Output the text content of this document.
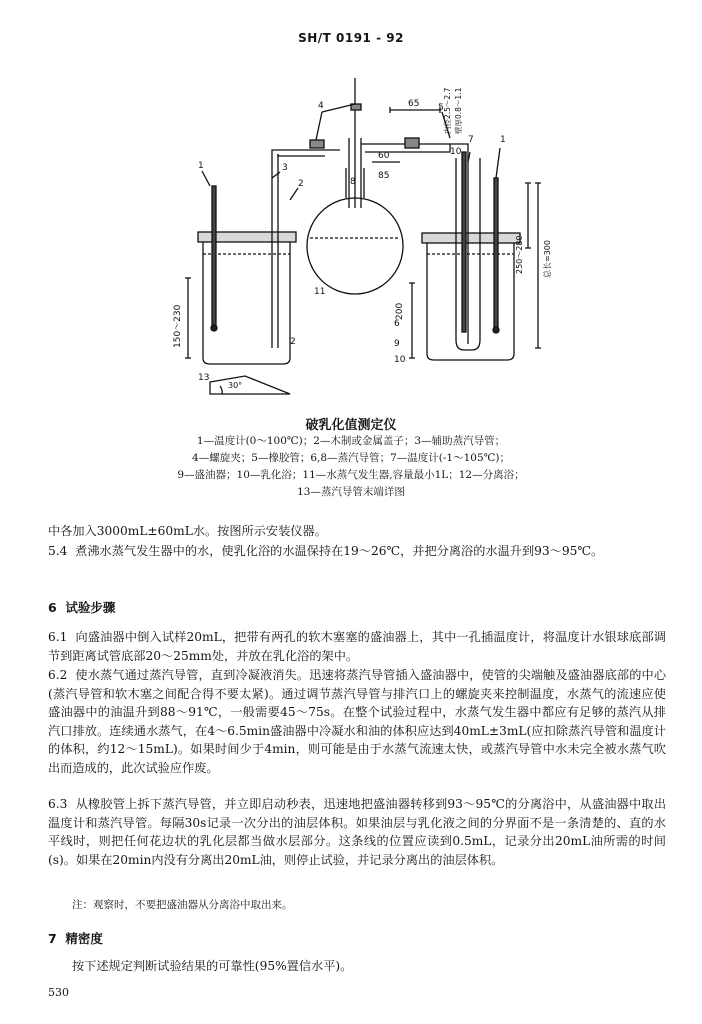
SH/T 0191 - 92
1
2
3
4	5
7	1
2
11
6
8
9
10
10
13
65
60
85
200
150～230
250～280 总长≈300
内径2.5～2.7 壁厚0.8～1.1
30°
破乳化值测定仪
1—温度计(0～100℃)；2—木制或金属盖子；3—辅助蒸汽导管；
4—螺旋夹；5—橡胶管；6,8—蒸汽导管；7—温度计(-1～105℃)；
9—盛油器；10—乳化浴；11—水蒸气发生器,容量最小1L；12—分离浴；
13—蒸汽导管末端详图

中各加入3000mL±60mL水。按图所示安装仪器。

5.4 煮沸水蒸气发生器中的水，使乳化浴的水温保持在19～26℃，并把分离浴的水温升到93～95℃。

6 试验步骤

6.1 向盛油器中倒入试样20mL，把带有两孔的软木塞塞的盛油器上，其中一孔插温度计，将温度计水银球底部调节到距离试管底部20～25mm处，并放在乳化浴的架中。

6.2 使水蒸气通过蒸汽导管，直到冷凝液消失。迅速将蒸汽导管插入盛油器中，使管的尖端触及盛油器底部的中心(蒸汽导管和软木塞之间配合得不要太紧)。通过调节蒸汽导管与排汽口上的螺旋夹来控制温度，水蒸气的流速应使盛油器中的油温升到88～91℃，一般需要45～75s。在整个试验过程中，水蒸气发生器中都应有足够的蒸汽从排汽口排放。连续通水蒸气，在4～6.5min盛油器中冷凝水和油的体积应达到40mL±3mL(应扣除蒸汽导管和温度计的体积，约12～15mL)。如果时间少于4min，则可能是由于水蒸气流速太快，或蒸汽导管中水未完全被水蒸气吹出而造成的，此次试验应作废。

6.3 从橡胶管上拆下蒸汽导管，并立即启动秒表，迅速地把盛油器转移到93～95℃的分离浴中，从盛油器中取出温度计和蒸汽导管。每隔30s记录一次分出的油层体积。如果油层与乳化液之间的分界面不是一条清楚的、直的水平线时，则把任何花边状的乳化层都当做水层部分。这条线的位置应读到0.5mL，记录分出20mL油所需的时间(s)。如果在20min内没有分离出20mL油，则停止试验，并记录分离出的油层体积。

注：观察时，不要把盛油器从分离浴中取出来。
7 精密度
按下述规定判断试验结果的可靠性(95%置信水平)。
530
